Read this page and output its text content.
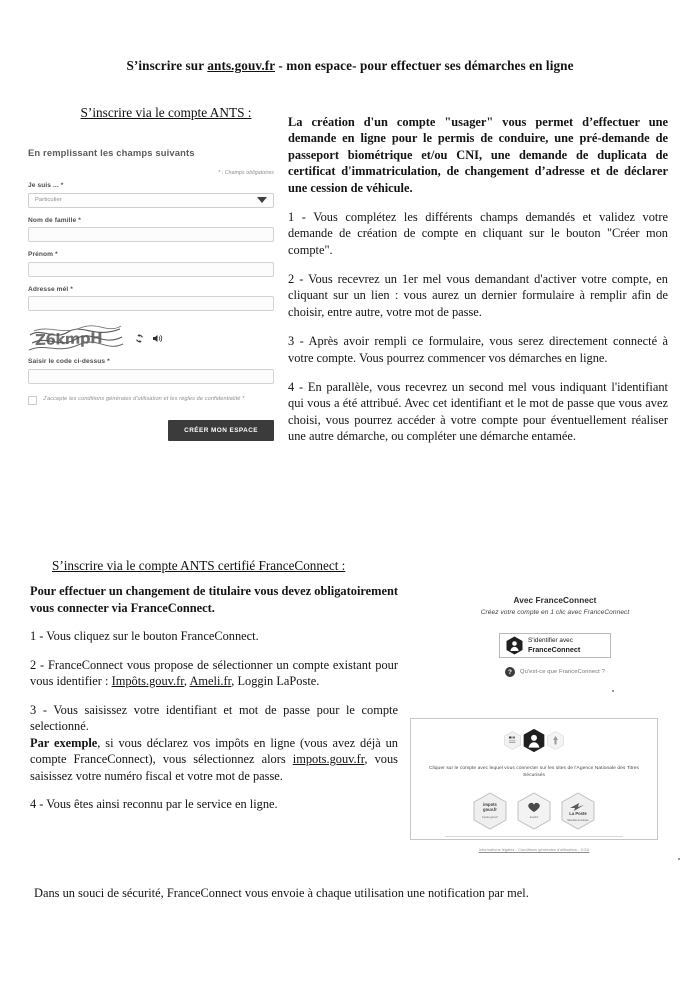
S’inscrire sur ants.gouv.fr - mon espace- pour effectuer ses démarches en ligne
S’inscrire via le compte ANTS :
En remplissant les champs suivants
* : Champs obligatoires
Je suis ... *
Particulier
Nom de famille *
Prénom *
Adresse mél *
Z6kmpH
Saisir le code ci-dessus *
J'accepte les conditions générales d'utilisation et les règles de confidentialité *
CRÉER MON ESPACE

La création d'un compte "usager" vous permet d’effectuer une demande en ligne pour le permis de conduire, une pré-demande de passeport biométrique et/ou CNI, une demande de duplicata de certificat d'immatriculation, de changement d’adresse et de déclarer une cession de véhicule.

1 - Vous complétez les différents champs demandés et validez votre demande de création de compte en cliquant sur le bouton "Créer mon compte".

2 - Vous recevrez un 1er mel vous demandant d'activer votre compte, en cliquant sur un lien : vous aurez un dernier formulaire à remplir afin de choisir, entre autre, votre mot de passe.

3 - Après avoir rempli ce formulaire, vous serez directement connecté à votre compte. Vous pourrez commencer vos démarches en ligne.

4 - En parallèle, vous recevrez un second mel vous indiquant l'identifiant qui vous a été attribué. Avec cet identifiant et le mot de passe que vous avez choisi, vous pourrez accéder à votre compte pour éventuellement réaliser une autre démarche, ou compléter une démarche entamée.

S’inscrire via le compte ANTS certifié FranceConnect :

Pour effectuer un changement de titulaire vous devez obligatoirement vous connecter via FranceConnect.

1 - Vous cliquez sur le bouton FranceConnect.

2 - FranceConnect vous propose de sélectionner un compte existant pour vous identifier : Impôts.gouv.fr, Ameli.fr, Loggin LaPoste.

3 - Vous saisissez votre identifiant et mot de passe pour le compte selectionné.
Par exemple, si vous déclarez vos impôts en ligne (vous avez déjà un compte FranceConnect), vous sélectionnez alors impots.gouv.fr, vous saisissez votre numéro fiscal et votre mot de passe.

4 - Vous êtes ainsi reconnu par le service en ligne.

Avec FranceConnect
Créez votre compte en 1 clic avec FranceConnect
S'identifier avec
FranceConnect
?	Qu'est-ce que FranceConnect ?
Cliquer sur le compte avec lequel vous connecter sur les sites de l'Agence Nationale des Titres Sécurisés
impots
gouv.fr
impots.gouv.fr	ameli.fr
La Poste
lidentitenumerique
Informations légales - Conditions générales d'utilisation - CGU
Dans un souci de sécurité, FranceConnect vous envoie à chaque utilisation une notification par mel.
